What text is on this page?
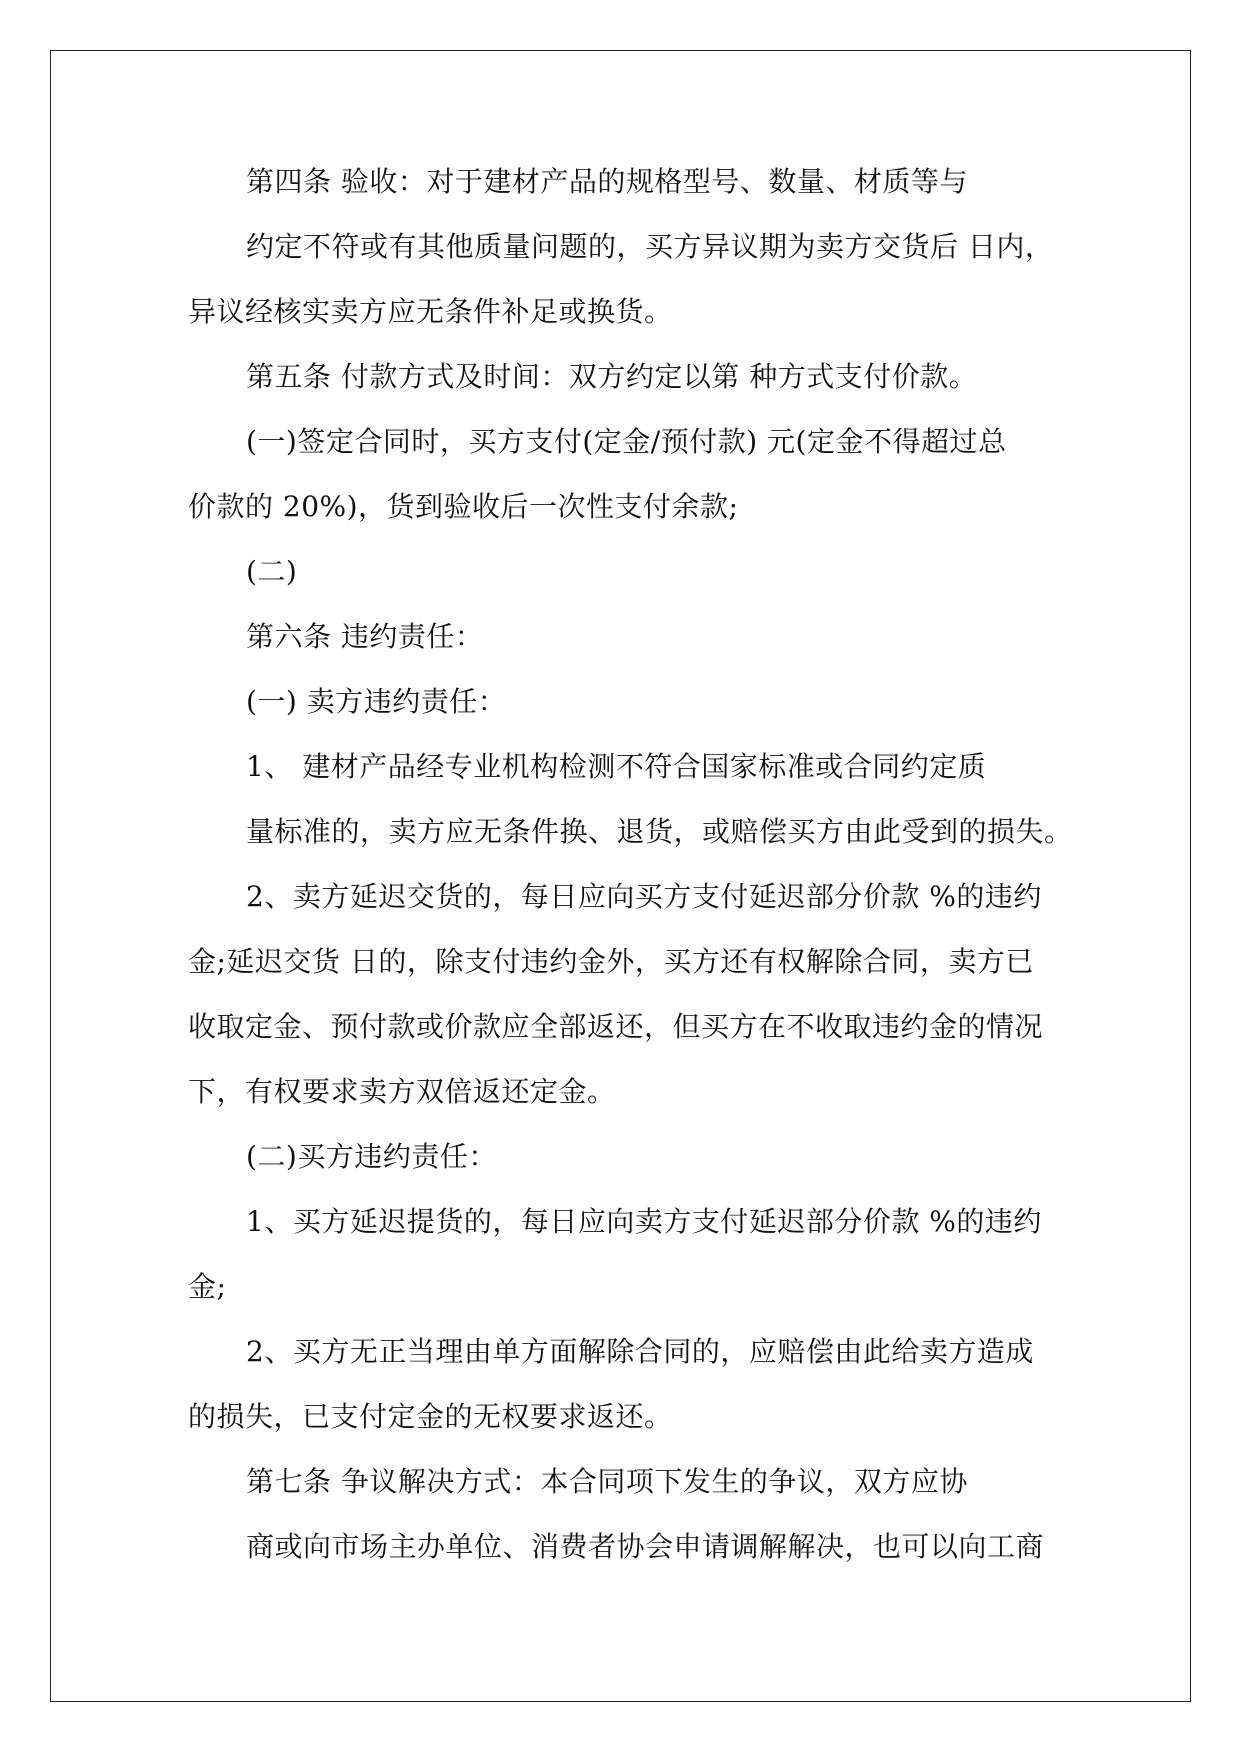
第四条 验收：对于建材产品的规格型号、数量、材质等与
约定不符或有其他质量问题的，买方异议期为卖方交货后 日内，
异议经核实卖方应无条件补足或换货。
第五条 付款方式及时间：双方约定以第 种方式支付价款。
(一)签定合同时，买方支付(定金/预付款) 元(定金不得超过总
价款的 20%)，货到验收后一次性支付余款;
(二)
第六条 违约责任：
(一) 卖方违约责任：
1、 建材产品经专业机构检测不符合国家标准或合同约定质
量标准的，卖方应无条件换、退货，或赔偿买方由此受到的损失。
2、卖方延迟交货的，每日应向买方支付延迟部分价款 %的违约
金;延迟交货 日的，除支付违约金外，买方还有权解除合同，卖方已
收取定金、预付款或价款应全部返还，但买方在不收取违约金的情况
下，有权要求卖方双倍返还定金。
(二)买方违约责任：
1、买方延迟提货的，每日应向卖方支付延迟部分价款 %的违约
金;
2、买方无正当理由单方面解除合同的，应赔偿由此给卖方造成
的损失，已支付定金的无权要求返还。
第七条 争议解决方式：本合同项下发生的争议，双方应协
商或向市场主办单位、消费者协会申请调解解决，也可以向工商
